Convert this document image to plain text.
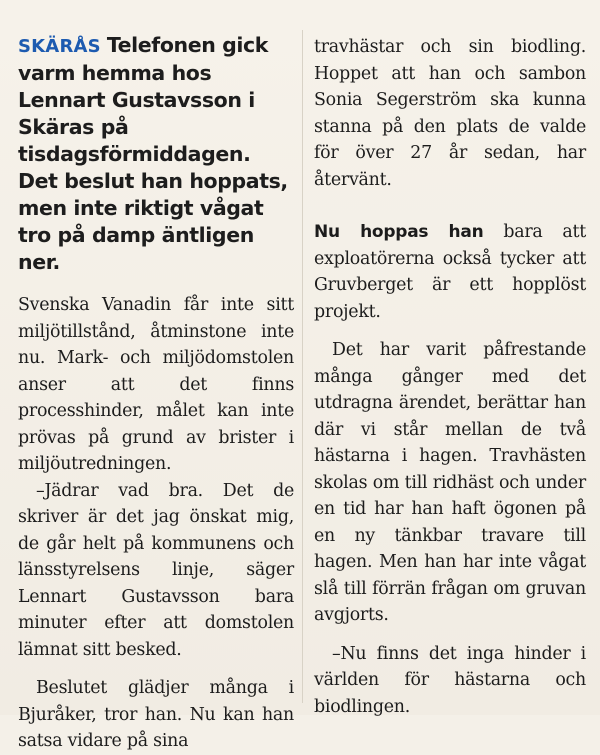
SKÄRÅS Telefonen gick varm hemma hos Lennart Gustavsson i Skäras på tisdagsförmiddagen. Det beslut han hoppats, men inte riktigt vågat tro på damp äntligen ner.

Svenska Vanadin får inte sitt miljötillstånd, åtminstone inte nu. Mark- och miljödomstolen anser att det finns processhinder, målet kan inte prövas på grund av brister i miljöutredningen.

–Jädrar vad bra. Det de skriver är det jag önskat mig, de går helt på kommunens och länsstyrelsens linje, säger Lennart Gustavsson bara minuter efter att domstolen lämnat sitt besked.

Beslutet glädjer många i Bjuråker, tror han. Nu kan han satsa vidare på sina

travhästar och sin biodling. Hoppet att han och sambon Sonia Segerström ska kunna stanna på den plats de valde för över 27 år sedan, har återvänt.

Nu hoppas han bara att exploatörerna också tycker att Gruvberget är ett hopplöst projekt.

Det har varit påfrestande många gånger med det utdragna ärendet, berättar han där vi står mellan de två hästarna i hagen. Travhästen skolas om till ridhäst och under en tid har han haft ögonen på en ny tänkbar travare till hagen. Men han har inte vågat slå till förrän frågan om gruvan avgjorts.

–Nu finns det inga hinder i världen för hästarna och biodlingen.
